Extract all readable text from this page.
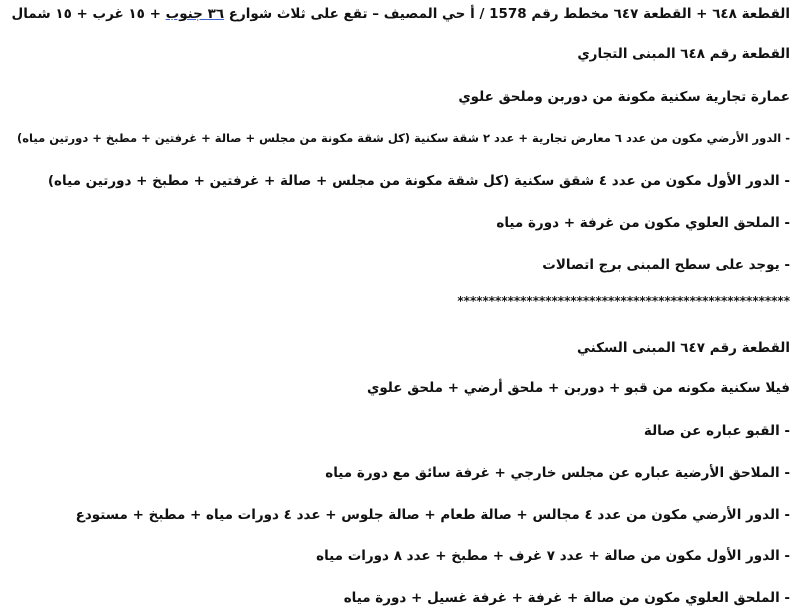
القطعة ٦٤٨ + القطعة ٦٤٧ مخطط رقم 1578 / أ حي المصيف – تقع على ثلاث شوارع ٣٦ جنوب + ١٥ غرب + ١٥ شمال
القطعة رقم ٦٤٨ المبنى التجاري
عمارة تجارية سكنية مكونة من دوربن وملحق علوي
- الدور الأرضي مكون من عدد ٦ معارض تجارية + عدد ٢ شقة سكنية (كل شقة مكونة من مجلس + صالة + غرفتين + مطبخ + دورتين مياه)
- الدور الأول مكون من عدد ٤ شقق سكنية (كل شقة مكونة من مجلس + صالة + غرفتين + مطبخ + دورتين مياه)
- الملحق العلوي مكون من غرفة + دورة مياه
- يوجد على سطح المبنى برج اتصالات
*****************************************************
القطعة رقم ٦٤٧ المبنى السكني
فيلا سكنية مكونه من قبو + دوربن + ملحق أرضي + ملحق علوي
- القبو عباره عن صالة
- الملاحق الأرضية عباره عن مجلس خارجي + غرفة سائق مع دورة مياه
- الدور الأرضي مكون من عدد ٤ مجالس + صالة طعام + صالة جلوس + عدد ٤ دورات مياه + مطبخ + مستودع
- الدور الأول مكون من صالة + عدد ٧ غرف + مطبخ + عدد ٨ دورات مياه
- الملحق العلوي مكون من صالة + غرفة + غرفة غسيل + دورة مياه
